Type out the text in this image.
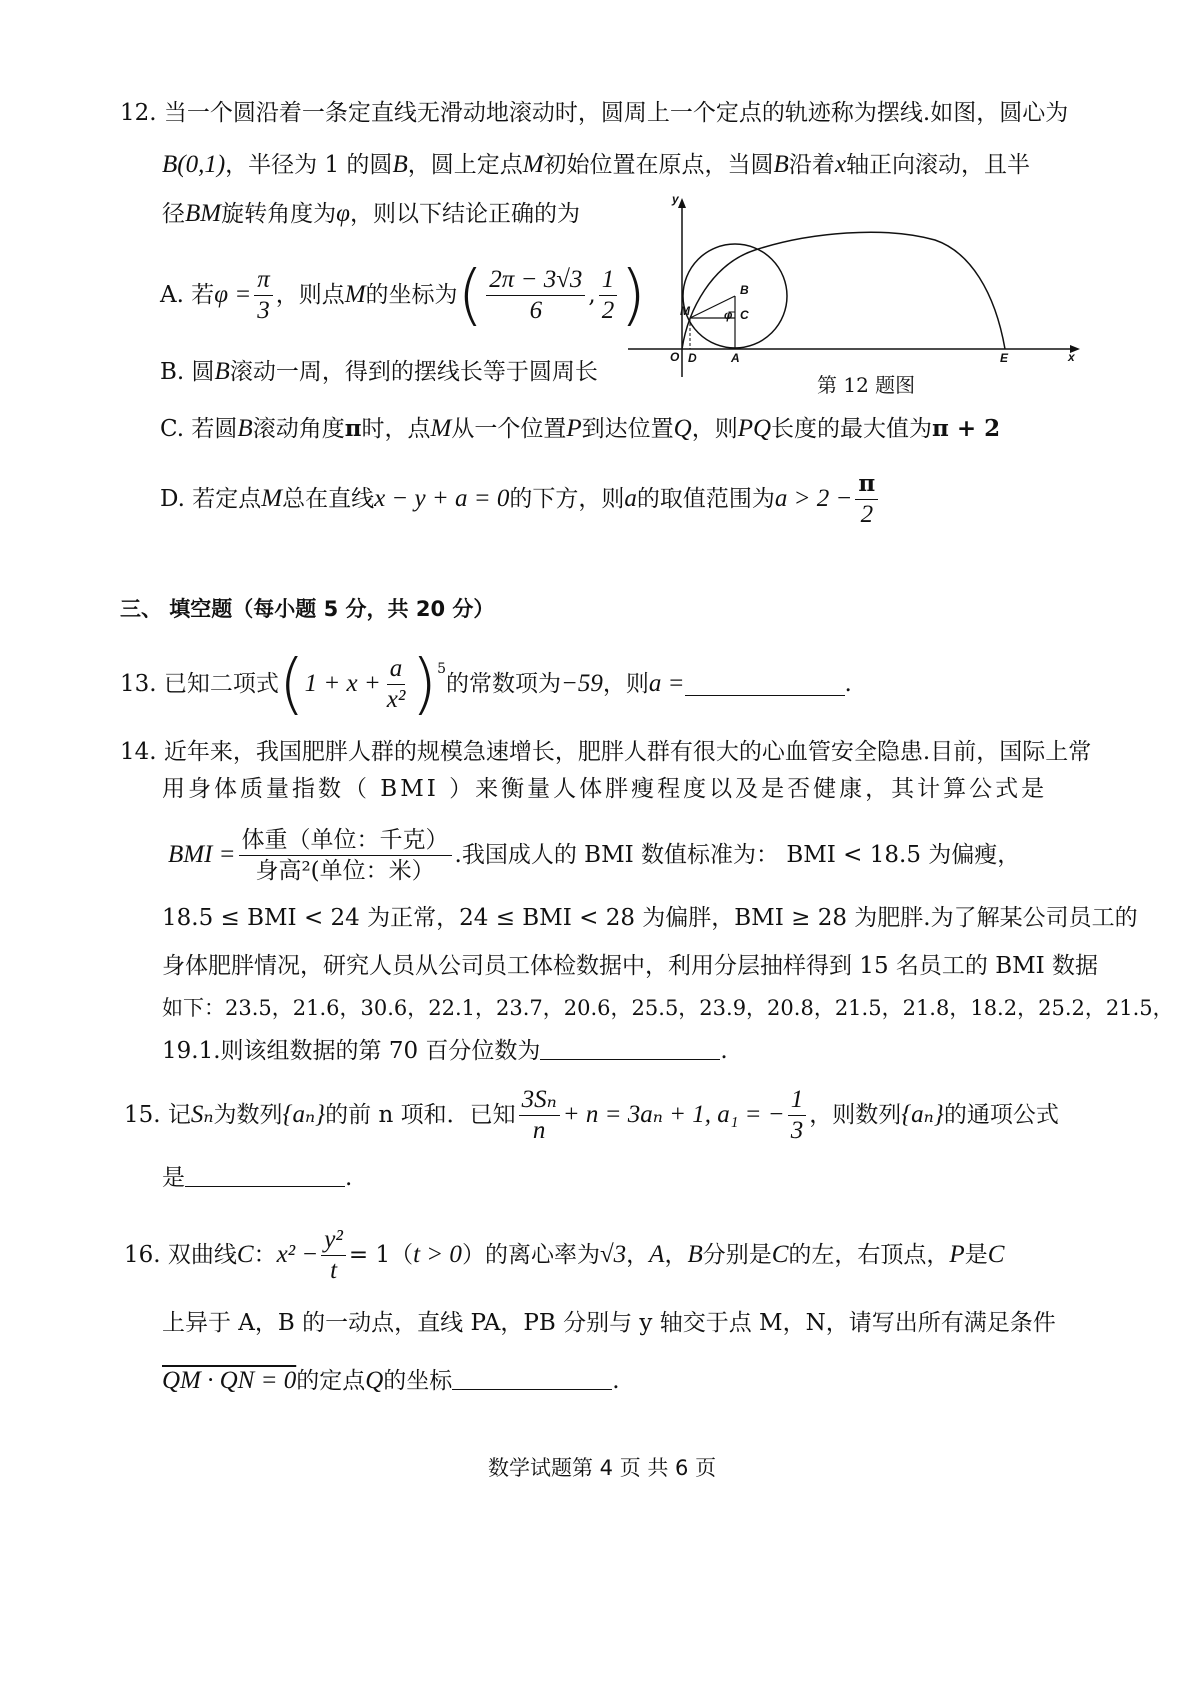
12. 当一个圆沿着一条定直线无滑动地滚动时，圆周上一个定点的轨迹称为摆线.如图，圆心为
B(0,1)，半径为 1 的圆B，圆上定点M初始位置在原点，当圆B沿着x轴正向滚动，且半
径BM旋转角度为φ，则以下结论正确的为
A. 若 $\varphi = \frac{\pi}{3}$ ，则点 M 的坐标为 ( $\frac{2\pi - 3√3}{6}$ , $\frac{1}{2}$ )
B. 圆B滚动一周，得到的摆线长等于圆周长
y
x
O D	A	E
M
B
C
φ
第 12 题图
C. 若圆B滚动角度π时，点M从一个位置P到达位置Q，则PQ长度的最大值为π + 2
D. 若定点 M 总在直线 x − y + a = 0 的下方，则 a 的取值范围为 $a > 2 - \frac{\pi}{2}$
三、 填空题（每小题 5 分，共 20 分）
13.
已知二项式 ( $1 + x + \frac{a}{\text{x²}} )^5$
的常数项为 −59 ，则 a =	.
14. 近年来，我国肥胖人群的规模急速增长，肥胖人群有很大的心血管安全隐患.目前，国际上常
用身体质量指数（ BMI ）来衡量人体胖瘦程度以及是否健康，其计算公式是
BMI = $\frac{\text{体重（单位：千克）}}{\text{身高²(单位：米）}}$ .我国成人的 BMI 数值标准为： BMI < 18.5 为偏瘦，
18.5 ≤ BMI < 24 为正常，24 ≤ BMI < 28 为偏胖，BMI ≥ 28 为肥胖.为了解某公司员工的
身体肥胖情况，研究人员从公司员工体检数据中，利用分层抽样得到 15 名员工的 BMI 数据
如下：23.5，21.6，30.6，22.1，23.7，20.6，25.5，23.9，20.8，21.5，21.8，18.2，25.2，21.5，
19.1.则该组数据的第 70 百分位数为	.
15.
记 Sₙ 为数列 {aₙ} 的前 n 项和．已知 $\frac{\text{3Sₙ}}{n} + n = 3a_n + 1$, a₁ = − $\frac{1}{3}$ ，则数列 {aₙ} 的通项公式
是	.
16.
双曲线 C ： $x^2 - \frac{\text{y²}}{t} = 1$（ t > 0 ）的离心率为 √3 ， A ， B 分别是 C 的左，右顶点， P 是 C
上异于 A，B 的一动点，直线 PA，PB 分别与 y 轴交于点 M，N，请写出所有满足条件
QM · QN = 0的定点Q的坐标	.
数学试题第 4 页 共 6 页
